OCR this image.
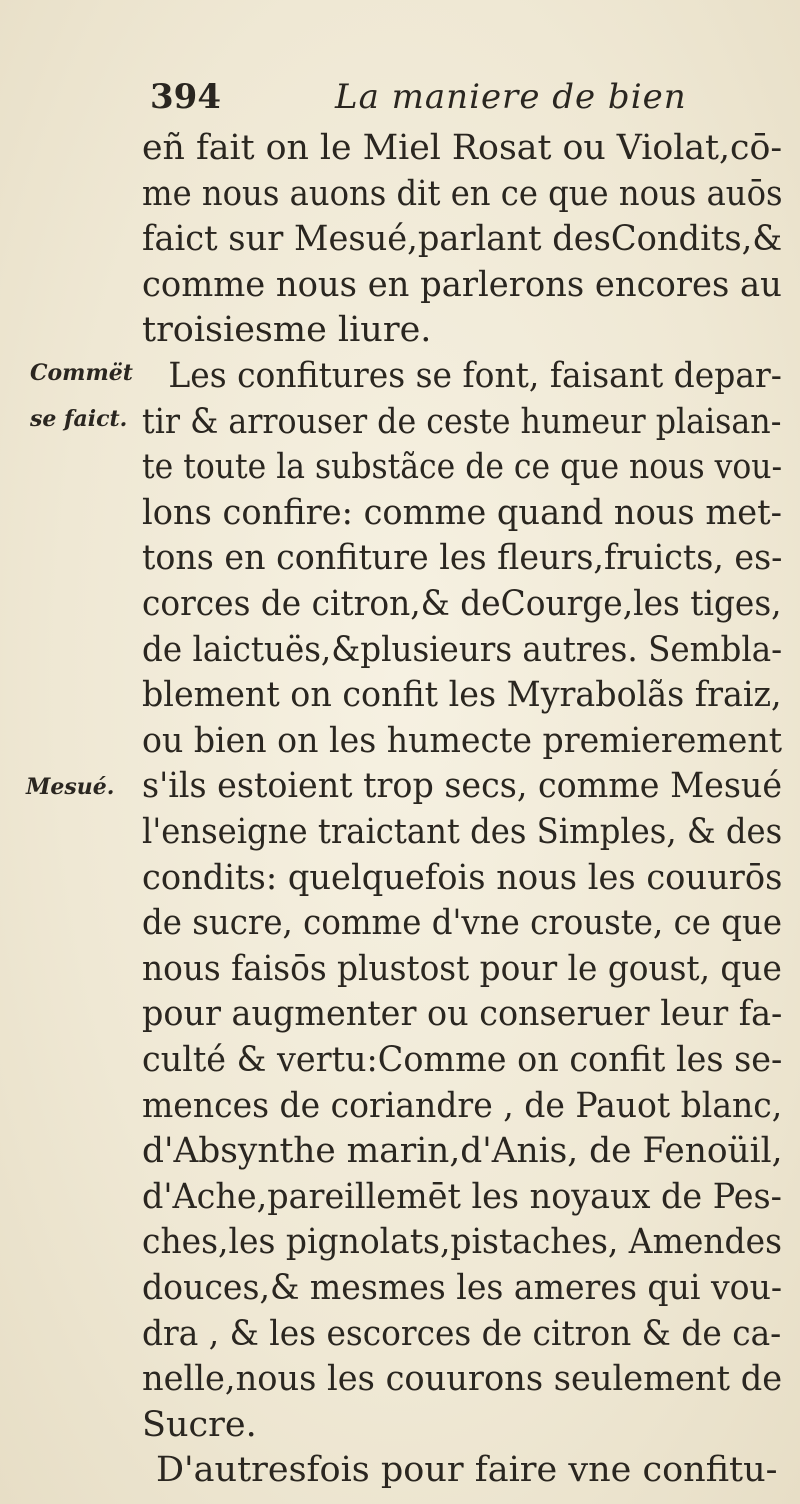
394	La maniere de bien
Commët
se faict.
Mesué.
eñ fait on le Miel Rosat ou Violat,cō-
me nous auons dit en ce que nous auōs
faict sur Mesué,parlant desCondits,&
comme nous en parlerons encores au
troisiesme liure.
Les confitures se font, faisant depar-
tir & arrouser de ceste humeur plaisan-
te toute la substãce de ce que nous vou-
lons confire: comme quand nous met-
tons en confiture les fleurs,fruicts, es-
corces de citron,& deCourge,les tiges,
de laictuës,&plusieurs autres. Sembla-
blement on confit les Myrabolãs fraiz,
ou bien on les humecte premierement
s'ils estoient trop secs, comme Mesué
l'enseigne traictant des Simples, & des
condits: quelquefois nous les couurōs
de sucre, comme d'vne crouste, ce que
nous faisōs plustost pour le goust, que
pour augmenter ou conseruer leur fa-
culté & vertu:Comme on confit les se-
mences de coriandre , de Pauot blanc,
d'Absynthe marin,d'Anis, de Fenoüil,
d'Ache,pareillemēt les noyaux de Pes-
ches,les pignolats,pistaches, Amendes
douces,& mesmes les ameres qui vou-
dra , & les escorces de citron & de ca-
nelle,nous les couurons seulement de
Sucre.
D'autresfois pour faire vne confitu-
